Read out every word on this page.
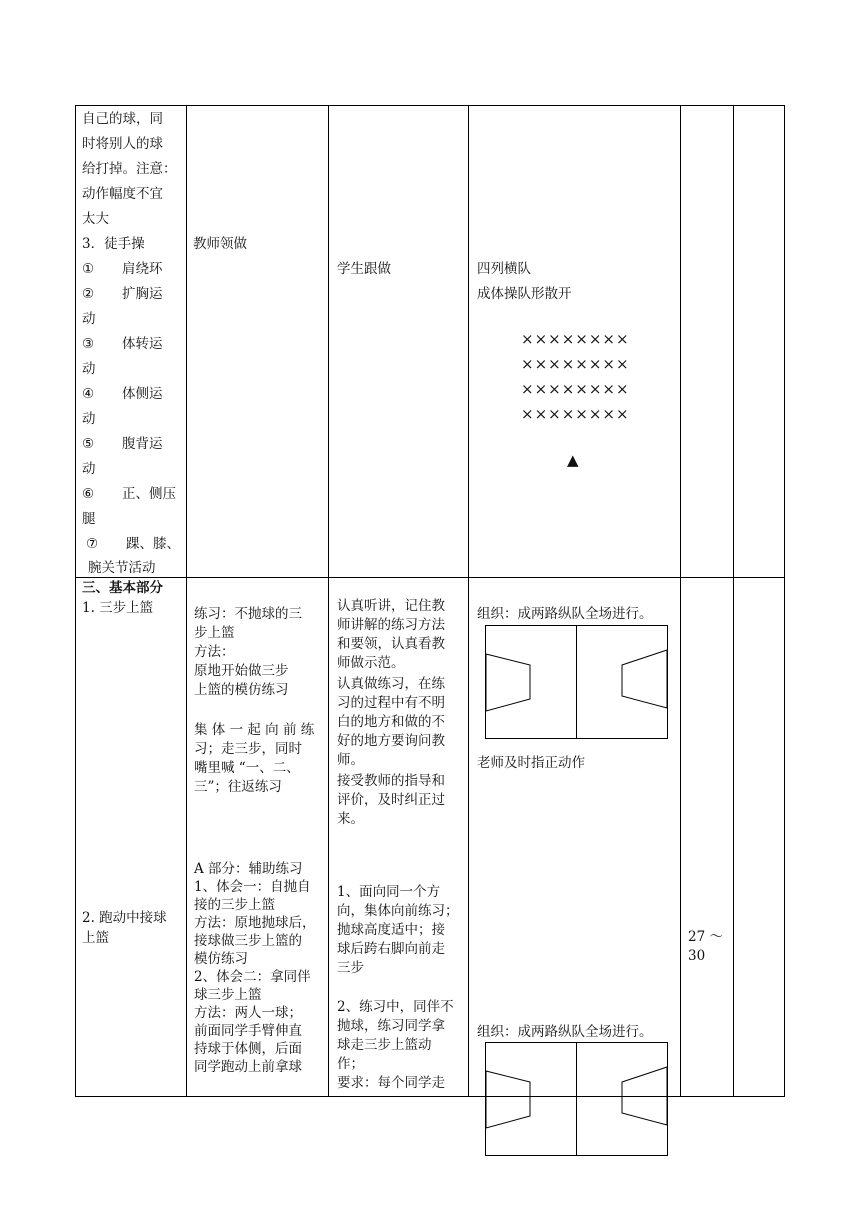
自己的球，同
时将别人的球
给打掉。注意：
动作幅度不宜
太大
3．徒手操
① 肩绕环
② 扩胸运
动
③ 体转运
动
④ 体侧运
动
⑤ 腹背运
动
⑥ 正、侧压
腿
⑦ 踝、膝、
腕关节活动
教师领做
学生跟做	四列横队
成体操队形散开
××××××××
××××××××
××××××××
××××××××
▲
三、基本部分
1. 三步上篮
2. 跑动中接球
上篮
练习：不抛球的三
步上篮
方法：
原地开始做三步
上篮的模仿练习
集 体 一 起 向 前 练
习；走三步，同时
嘴里喊 “一、二、
三”；往返练习
A 部分：辅助练习
1、体会一：自抛自
接的三步上篮
方法：原地抛球后，
接球做三步上篮的
模仿练习
2、体会二：拿同伴
球三步上篮
方法：两人一球；
前面同学手臂伸直
持球于体侧，后面
同学跑动上前拿球
认真听讲，记住教
师讲解的练习方法
和要领，认真看教
师做示范。
认真做练习，在练
习的过程中有不明
白的地方和做的不
好的地方要询问教
师。
接受教师的指导和
评价，及时纠正过
来。
1、面向同一个方
向，集体向前练习；
抛球高度适中；接
球后跨右脚向前走
三步
2、练习中，同伴不
抛球，练习同学拿
球走三步上篮动
作；
要求：每个同学走
组织：成两路纵队全场进行。
老师及时指正动作
组织：成两路纵队全场进行。
27 ～
30
